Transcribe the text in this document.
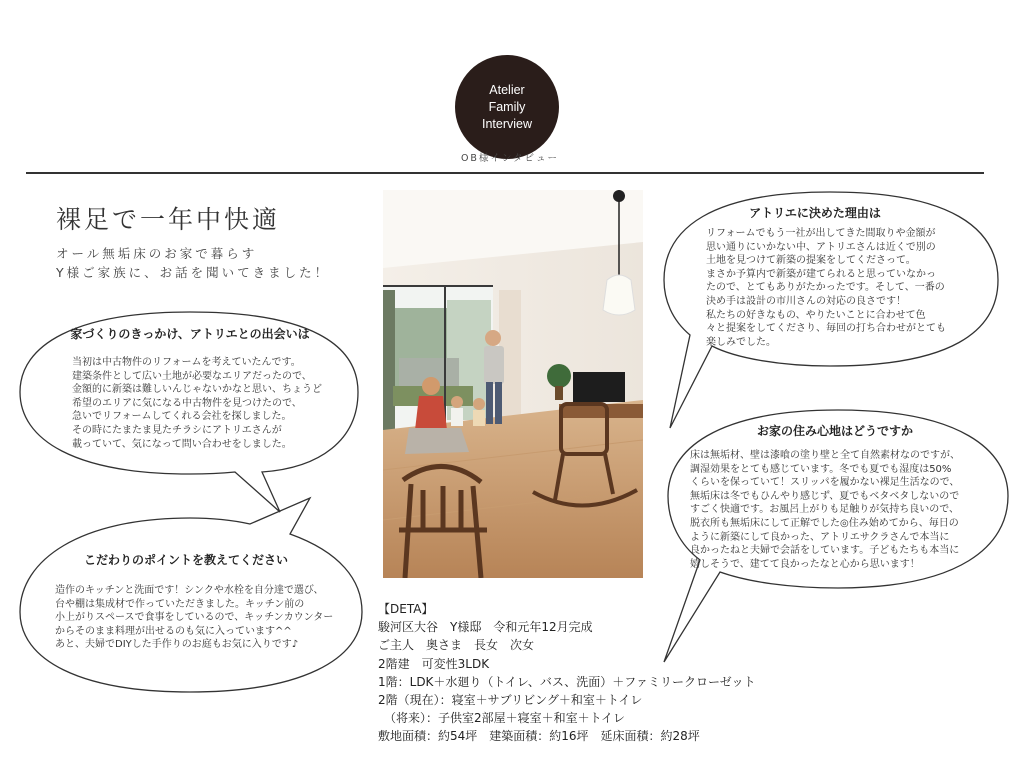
Atelier
Family
Interview
OB様インタビュー
裸足で一年中快適
オール無垢床のお家で暮らす
Y様ご家族に、お話を聞いてきました！
家づくりのきっかけ、アトリエとの出会いは
当初は中古物件のリフォームを考えていたんです。
建築条件として広い土地が必要なエリアだったので、
金額的に新築は難しいんじゃないかなと思い、ちょうど
希望のエリアに気になる中古物件を見つけたので、
急いでリフォームしてくれる会社を探しました。
その時にたまたま見たチラシにアトリエさんが
載っていて、気になって問い合わせをしました。
こだわりのポイントを教えてください
造作のキッチンと洗面です！シンクや水栓を自分達で選び、
台や棚は集成材で作っていただきました。キッチン前の
小上がりスペースで食事をしているので、キッチンカウンター
からそのまま料理が出せるのも気に入っています^^
あと、夫婦でDIYした手作りのお庭もお気に入りです♪
アトリエに決めた理由は
リフォームでもう一社が出してきた間取りや金額が
思い通りにいかない中、アトリエさんは近くで別の
土地を見つけて新築の提案をしてくださって。
まさか予算内で新築が建てられると思っていなかっ
たので、とてもありがたかったです。そして、一番の
決め手は設計の市川さんの対応の良さです！
私たちの好きなもの、やりたいことに合わせて色
々と提案をしてくださり、毎回の打ち合わせがとても
楽しみでした。
お家の住み心地はどうですか
床は無垢材、壁は漆喰の塗り壁と全て自然素材なのですが、
調湿効果をとても感じています。冬でも夏でも湿度は50%
くらいを保っていて！スリッパを履かない裸足生活なので、
無垢床は冬でもひんやり感じず、夏でもベタベタしないので
すごく快適です。お風呂上がりも足触りが気持ち良いので、
脱衣所も無垢床にして正解でした◎住み始めてから、毎日の
ように新築にして良かった、アトリエサクラさんで本当に
良かったねと夫婦で会話をしています。子どもたちも本当に
嬉しそうで、建てて良かったなと心から思います！
【DETA】
駿河区大谷　Y様邸　令和元年12月完成
ご主人　奥さま　長女　次女
2階建　可変性3LDK
1階：LDK＋水廻り（トイレ、バス、洗面）＋ファミリークローゼット
2階（現在）：寝室＋サブリビング＋和室＋トイレ
　（将来）：子供室2部屋＋寝室＋和室＋トイレ
敷地面積：約54坪　建築面積：約16坪　延床面積：約28坪
